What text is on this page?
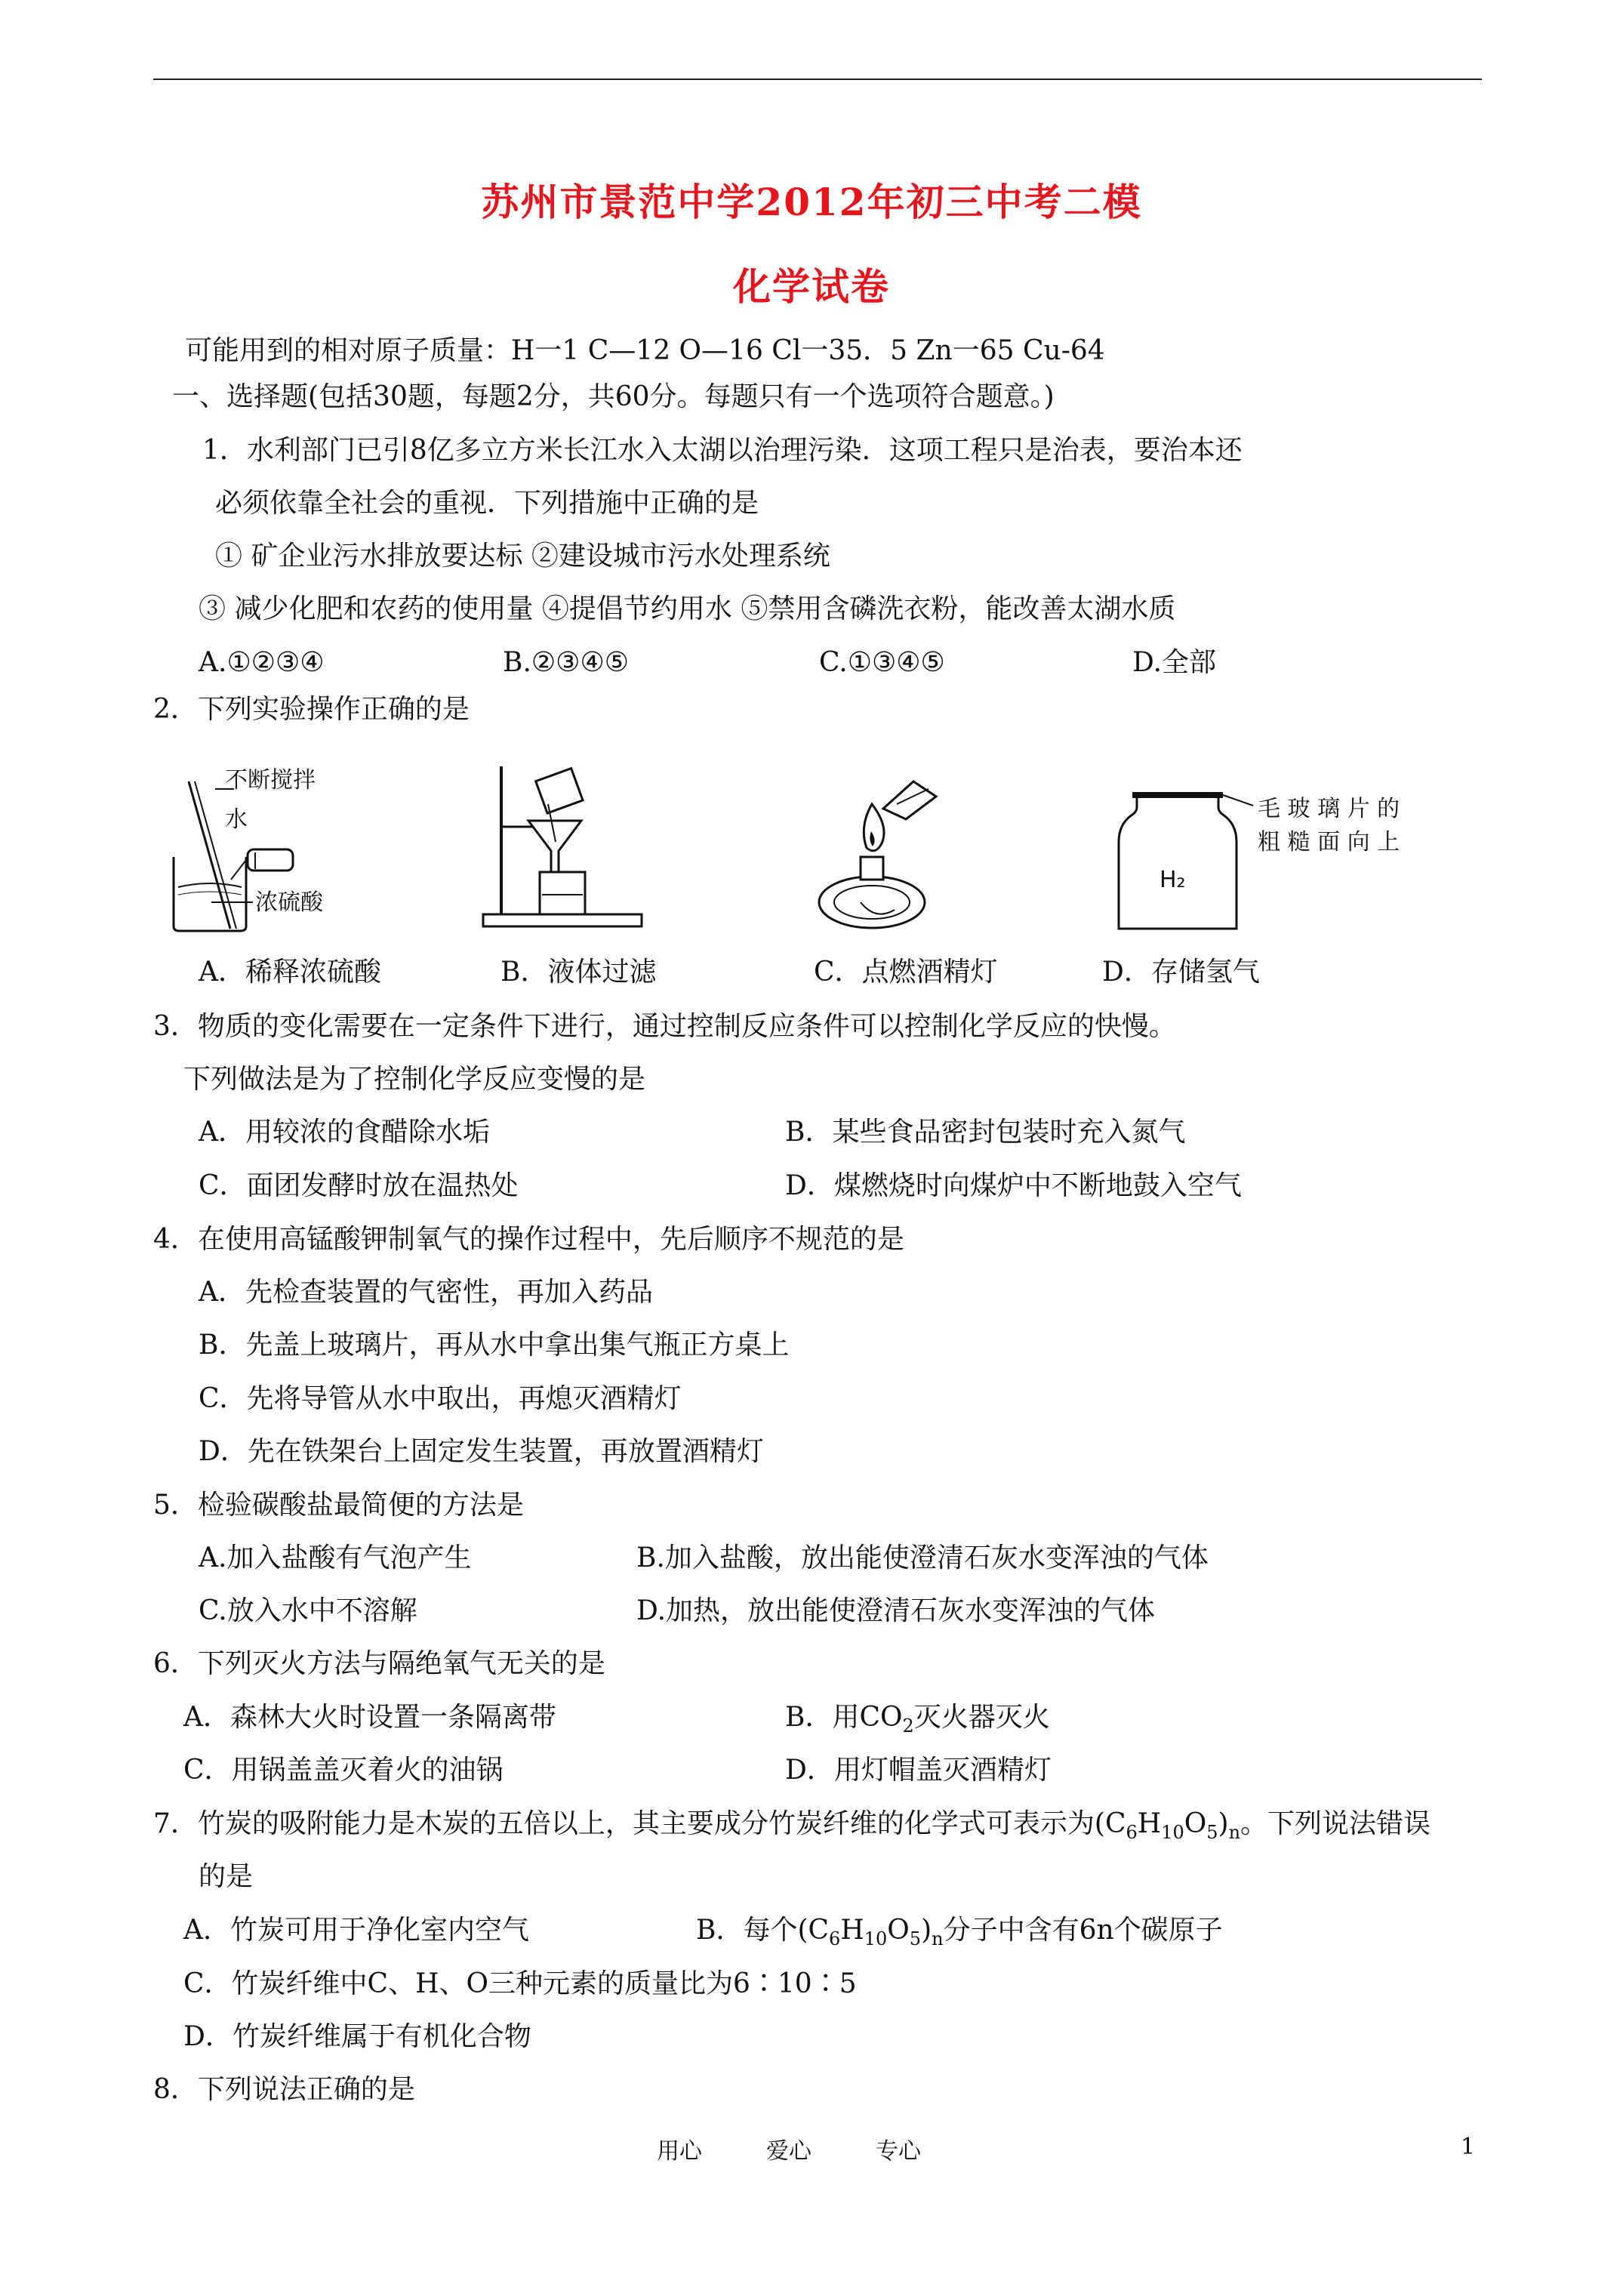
苏州市景范中学2012年初三中考二模
化学试卷
可能用到的相对原子质量：H一1 C—12 O—16 Cl一35．5 Zn一65 Cu-64
一、选择题(包括30题，每题2分，共60分。每题只有一个选项符合题意。)
1．水利部门已引8亿多立方米长江水入太湖以治理污染．这项工程只是治表，要治本还
必须依靠全社会的重视．下列措施中正确的是
① 矿企业污水排放要达标 ②建设城市污水处理系统
③ 减少化肥和农药的使用量 ④提倡节约用水 ⑤禁用含磷洗衣粉，能改善太湖水质
A.①②③④	B.②③④⑤	C.①③④⑤	D.全部
2．下列实验操作正确的是
不断搅拌
水
浓硫酸
H₂
毛 玻 璃 片 的
粗 糙 面 向 上
A．稀释浓硫酸	B．液体过滤	C．点燃酒精灯	D．存储氢气
3．物质的变化需要在一定条件下进行，通过控制反应条件可以控制化学反应的快慢。
下列做法是为了控制化学反应变慢的是
A．用较浓的食醋除水垢	B．某些食品密封包装时充入氮气
C．面团发酵时放在温热处	D．煤燃烧时向煤炉中不断地鼓入空气
4．在使用高锰酸钾制氧气的操作过程中，先后顺序不规范的是
A．先检查装置的气密性，再加入药品
B．先盖上玻璃片，再从水中拿出集气瓶正方桌上
C．先将导管从水中取出，再熄灭酒精灯
D．先在铁架台上固定发生装置，再放置酒精灯
5．检验碳酸盐最简便的方法是
A.加入盐酸有气泡产生	B.加入盐酸，放出能使澄清石灰水变浑浊的气体
C.放入水中不溶解	D.加热，放出能使澄清石灰水变浑浊的气体
6．下列灭火方法与隔绝氧气无关的是
A．森林大火时设置一条隔离带	B．用$CO_2$灭火器灭火
C．用锅盖盖灭着火的油锅	D．用灯帽盖灭酒精灯
7．竹炭的吸附能力是木炭的五倍以上，其主要成分竹炭纤维的化学式可表示为$(C_6H_{10}O_5)_n$。下列说法错误
的是
A．竹炭可用于净化室内空气	B．每个$(C_6H_{10}O_5)_n$分子中含有6n个碳原子
C．竹炭纤维中C、H、O三种元素的质量比为6∶10∶5
D．竹炭纤维属于有机化合物
8．下列说法正确的是
用心	爱心	专心	1
